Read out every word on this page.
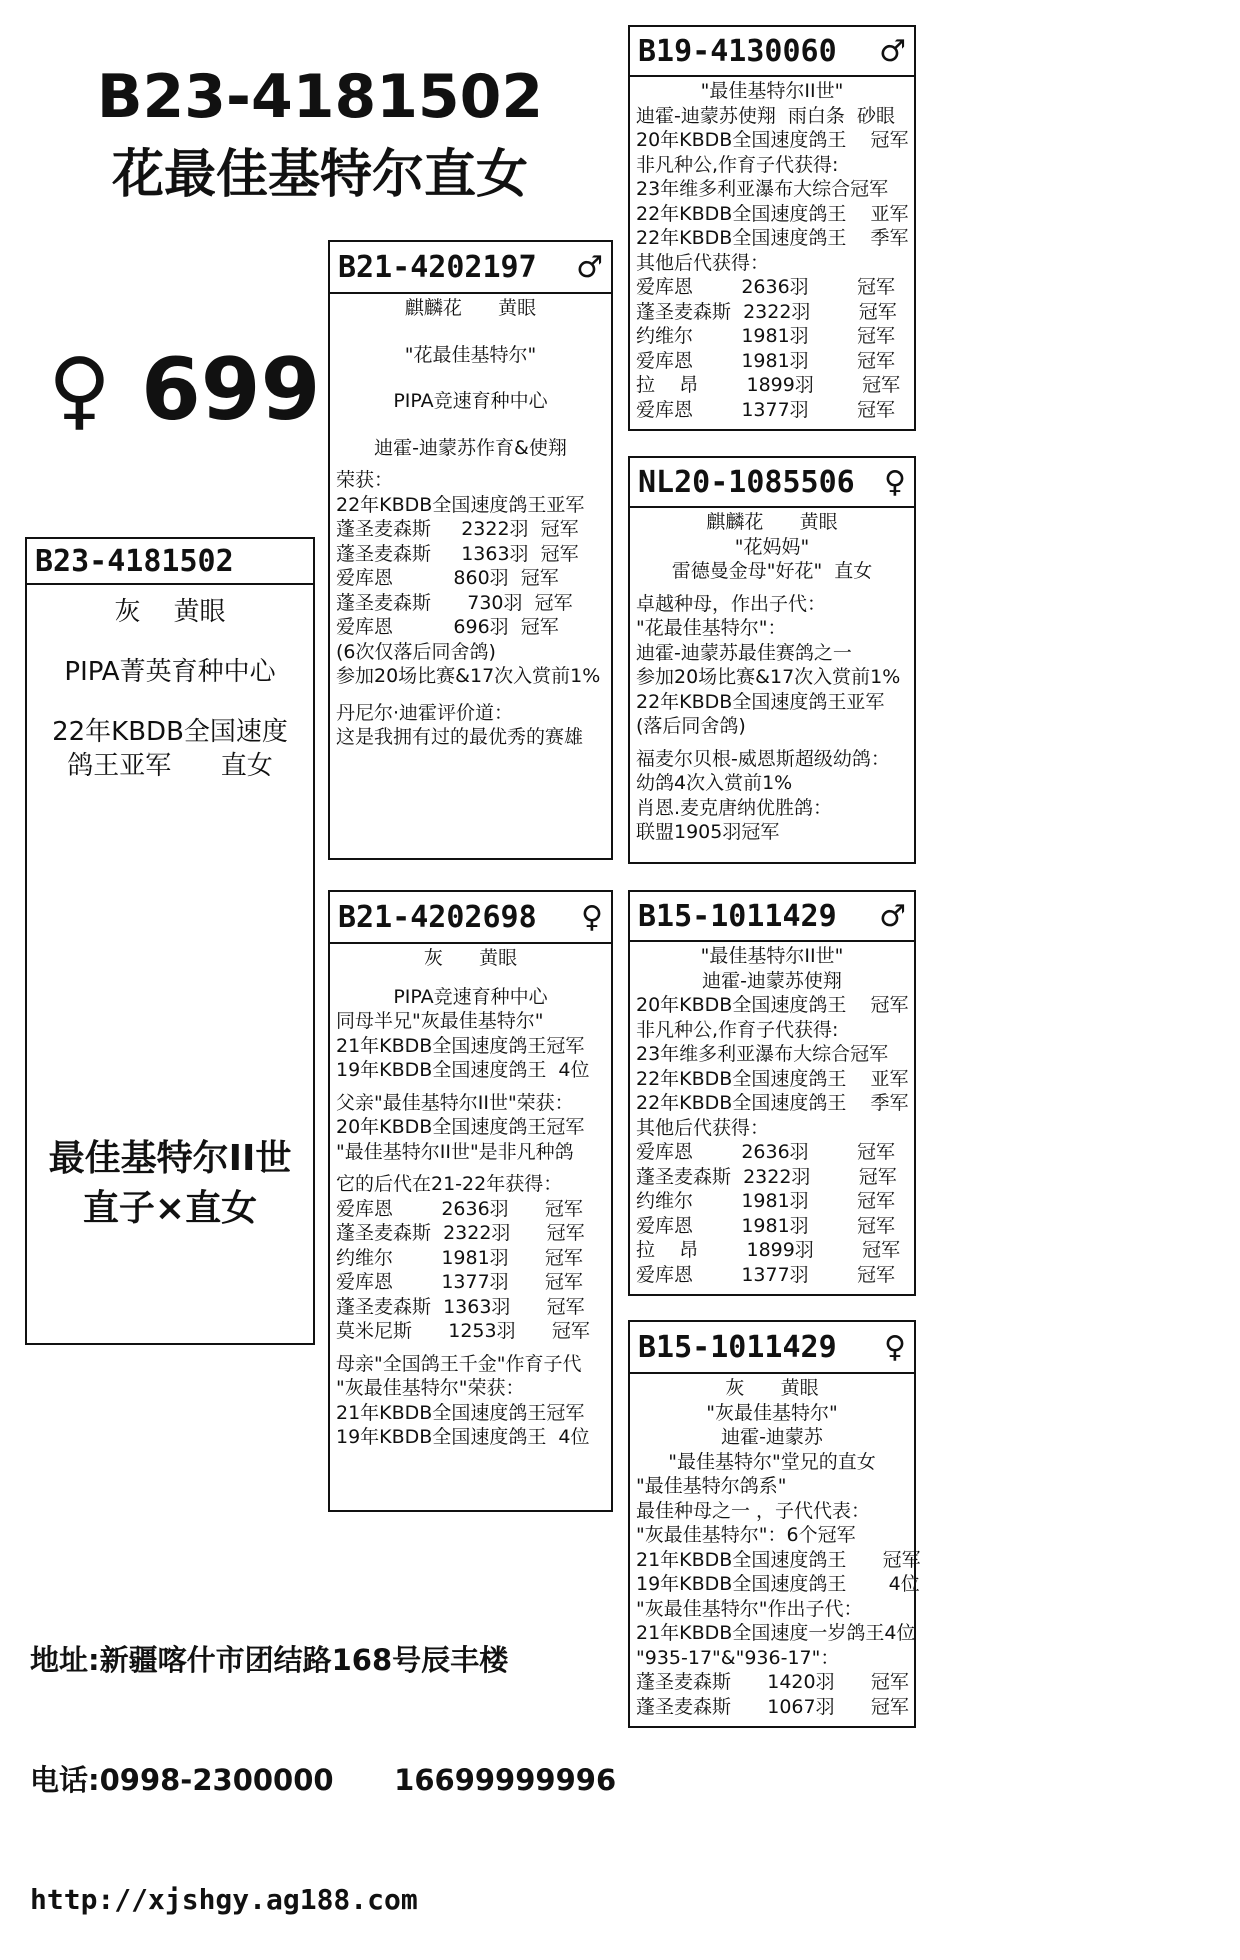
B23-4181502
花最佳基特尔直女
♀ 699
B23-4181502
灰    黄眼
PIPA菁英育种中心
22年KBDB全国速度
鸽王亚军      直女
最佳基特尔II世
直子×直女
B21-4202197 ♂
麒麟花      黄眼
"花最佳基特尔"
PIPA竞速育种中心
迪霍-迪蒙苏作育&使翔
荣获：
22年KBDB全国速度鸽王亚军
蓬圣麦森斯     2322羽  冠军
蓬圣麦森斯     1363羽  冠军
爱库恩          860羽  冠军
蓬圣麦森斯      730羽  冠军
爱库恩          696羽  冠军
(6次仅落后同舍鸽)
参加20场比赛&17次入赏前1%
丹尼尔·迪霍评价道：
这是我拥有过的最优秀的赛雄
B21-4202698 ♀
灰      黄眼
PIPA竞速育种中心
同母半兄"灰最佳基特尔"
21年KBDB全国速度鸽王冠军
19年KBDB全国速度鸽王  4位
父亲"最佳基特尔II世"荣获：
20年KBDB全国速度鸽王冠军
"最佳基特尔II世"是非凡种鸽
它的后代在21-22年获得：
爱库恩        2636羽      冠军
蓬圣麦森斯  2322羽      冠军
约维尔        1981羽      冠军
爱库恩        1377羽      冠军
蓬圣麦森斯  1363羽      冠军
莫米尼斯      1253羽      冠军
母亲"全国鸽王千金"作育子代
"灰最佳基特尔"荣获：
21年KBDB全国速度鸽王冠军
19年KBDB全国速度鸽王  4位
B19-4130060 ♂
"最佳基特尔II世"
迪霍-迪蒙苏使翔  雨白条  砂眼
20年KBDB全国速度鸽王    冠军
非凡种公,作育子代获得:
23年维多利亚瀑布大综合冠军
22年KBDB全国速度鸽王    亚军
22年KBDB全国速度鸽王    季军
其他后代获得：
爱库恩        2636羽        冠军
蓬圣麦森斯  2322羽        冠军
约维尔        1981羽        冠军
爱库恩        1981羽        冠军
拉    昂        1899羽        冠军
爱库恩        1377羽        冠军
NL20-1085506 ♀
麒麟花      黄眼
"花妈妈"
雷德曼金母"好花"  直女
卓越种母，作出子代：
"花最佳基特尔"：
迪霍-迪蒙苏最佳赛鸽之一
参加20场比赛&17次入赏前1%
22年KBDB全国速度鸽王亚军
(落后同舍鸽)
福麦尔贝根-威恩斯超级幼鸽：
幼鸽4次入赏前1%
肖恩.麦克唐纳优胜鸽：
联盟1905羽冠军
B15-1011429 ♂
"最佳基特尔II世"
迪霍-迪蒙苏使翔
20年KBDB全国速度鸽王    冠军
非凡种公,作育子代获得:
23年维多利亚瀑布大综合冠军
22年KBDB全国速度鸽王    亚军
22年KBDB全国速度鸽王    季军
其他后代获得：
爱库恩        2636羽        冠军
蓬圣麦森斯  2322羽        冠军
约维尔        1981羽        冠军
爱库恩        1981羽        冠军
拉    昂        1899羽        冠军
爱库恩        1377羽        冠军
B15-1011429 ♀
灰      黄眼
"灰最佳基特尔"
迪霍-迪蒙苏
"最佳基特尔"堂兄的直女
"最佳基特尔鸽系"
最佳种母之一 ，子代代表：
"灰最佳基特尔"：6个冠军
21年KBDB全国速度鸽王      冠军
19年KBDB全国速度鸽王       4位
"灰最佳基特尔"作出子代：
21年KBDB全国速度一岁鸽王4位
"935-17"&"936-17"：
蓬圣麦森斯      1420羽      冠军
蓬圣麦森斯      1067羽      冠军

地址:新疆喀什市团结路168号辰丰楼

电话:0998-2300000      16699999996

http://xjshgy.ag188.com
